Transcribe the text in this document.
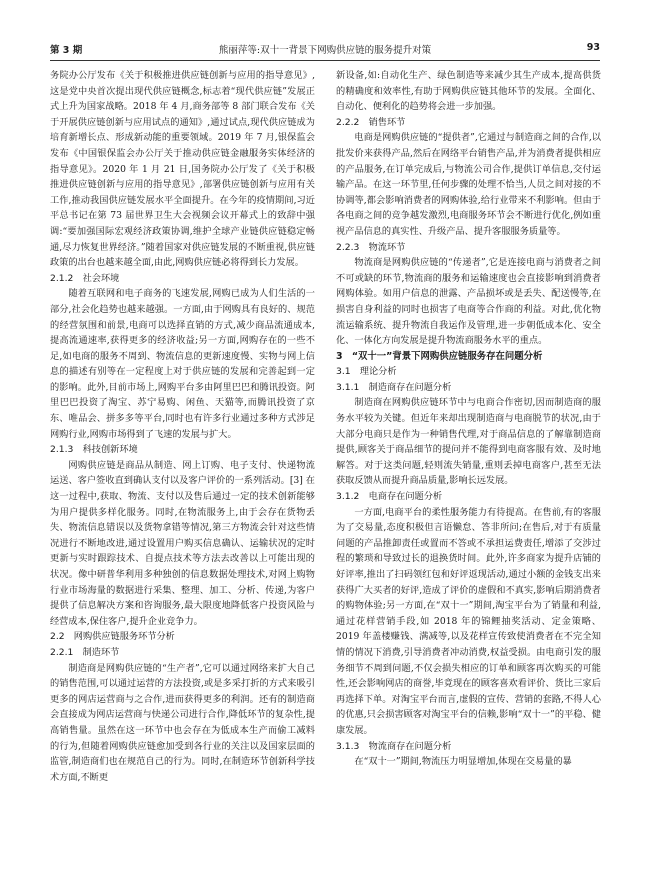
第 3 期	熊丽萍等:双十一背景下网购供应链的服务提升对策	93

务院办公厅发布《关于积极推进供应链创新与应用的指导意见》,这是党中央首次提出现代供应链概念,标志着“现代供应链”发展正式上升为国家战略。2018 年 4 月,商务部等 8 部门联合发布《关于开展供应链创新与应用试点的通知》,通过试点,现代供应链成为培育新增长点、形成新动能的重要领域。2019 年 7 月,银保监会发布《中国银保监会办公厅关于推动供应链金融服务实体经济的指导意见》。2020 年 1 月 21 日,国务院办公厅发了《关于积极推进供应链创新与应用的指导意见》,部署供应链创新与应用有关工作,推动我国供应链发展水平全面提升。在今年的疫情期间,习近平总书记在第 73 届世界卫生大会视频会议开幕式上的致辞中强调:“要加强国际宏观经济政策协调,维护全球产业链供应链稳定畅通,尽力恢复世界经济。”随着国家对供应链发展的不断重视,供应链政策的出台也越来越全面,由此,网购供应链必将得到长力发展。

2.1.2　社会环境

随着互联网和电子商务的飞速发展,网购已成为人们生活的一部分,社会化趋势也越来越强。一方面,由于网购具有良好的、规范的经营氛围和前景,电商可以选择直销的方式,减少商品流通成本,提高流通速率,获得更多的经济收益;另一方面,网购存在的一些不足,如电商的服务不周到、物流信息的更新速度慢、实物与网上信息的描述有别等在一定程度上对于供应链的发展和完善起到一定的影响。此外,目前市场上,网购平台多由阿里巴巴和腾讯投资。阿里巴巴投资了淘宝、苏宁易购、闲鱼、天猫等,而腾讯投资了京东、唯品会、拼多多等平台,同时也有许多行业通过多种方式涉足网购行业,网购市场得到了飞速的发展与扩大。

2.1.3　科技创新环境

网购供应链是商品从制造、网上订购、电子支付、快递物流运送、客户签收直到确认支付以及客户评价的一系列活动。[3] 在这一过程中,获取、物流、支付以及售后通过一定的技术创新能够为用户提供多样化服务。同时,在物流服务上,由于会存在货物丢失、物流信息错误以及货物拿错等情况,第三方物流会针对这些情况进行不断地改进,通过设置用户购买信息确认、运输状况的定时更新与实时跟踪技术、自提点技术等方法去改善以上可能出现的状况。像中研普华利用多种独创的信息数据处理技术,对网上购物行业市场海量的数据进行采集、整理、加工、分析、传递,为客户提供了信息解决方案和咨询服务,最大限度地降低客户投资风险与经营成本,保住客户,提升企业竞争力。

2.2　网购供应链服务环节分析
2.2.1　制造环节

制造商是网购供应链的“生产者”,它可以通过网络来扩大自己的销售范围,可以通过运营的方法投资,或是多采打折的方式来吸引更多的网店运营商与之合作,进而获得更多的利润。还有的制造商会直接成为网店运营商与快递公司进行合作,降低环节的复杂性,提高销售量。虽然在这一环节中也会存在为低成本生产而偷工减料的行为,但随着网购供应链愈加受到各行业的关注以及国家层面的监管,制造商们也在规范自己的行为。同时,在制造环节创新科学技术方面,不断更

新设备,如:自动化生产、绿色制造等来减少其生产成本,提高供货的精确度和效率性,有助于网购供应链其他环节的发展。全面化、自动化、便利化的趋势将会进一步加强。

2.2.2　销售环节

电商是网购供应链的“提供者”,它通过与制造商之间的合作,以批发价来获得产品,然后在网络平台销售产品,并为消费者提供相应的产品服务,在订单完成后,与物流公司合作,提供订单信息,交付运输产品。在这一环节里,任何步骤的处理不恰当,人员之间对接的不协调等,都会影响消费者的网购体验,给行业带来不利影响。但由于各电商之间的竞争越发激烈,电商服务环节会不断进行优化,例如重视产品信息的真实性、升级产品、提升客服服务质量等。

2.2.3　物流环节

物流商是网购供应链的“传递者”,它是连接电商与消费者之间不可或缺的环节,物流商的服务和运输速度也会直接影响到消费者网购体验。如用户信息的泄露、产品损坏或是丢失、配送慢等,在损害自身利益的同时也损害了电商等合作商的利益。对此,优化物流运输系统、提升物流自我运作及管理,进一步朝低成本化、安全化、一体化方向发展是提升物流商服务水平的重点。

3　“双十一”背景下网购供应链服务存在问题分析
3.1　理论分析
3.1.1　制造商存在问题分析

制造商在网购供应链环节中与电商合作密切,因而制造商的服务水平较为关键。但近年来却出现制造商与电商脱节的状况,由于大部分电商只是作为一种销售代理,对于商品信息的了解靠制造商提供,顾客关于商品细节的提问并不能得到电商客服有效、及时地解答。对于这类问题,轻则流失销量,重则丢掉电商客户,甚至无法获取反馈从而提升商品质量,影响长远发展。

3.1.2　电商存在问题分析

一方面,电商平台的柔性服务能力有待提高。在售前,有的客服为了交易量,态度积极但言语懒怠、答非所问;在售后,对于有质量问题的产品推卸责任或置而不答或不承担运费责任,增添了交涉过程的繁琐和导致过长的退换货时间。此外,许多商家为提升店铺的好评率,推出了扫码领红包和好评返现活动,通过小额的金钱支出来获得广大买者的好评,造成了评价的虚假和不真实,影响后期消费者的购物体验;另一方面,在“双十一”期间,淘宝平台为了销量和利益,通过花样营销手段,如 2018 年的锦鲤抽奖活动、定金策略、2019 年盖楼赚钱、满减等,以及花样宣传致使消费者在不完全知情的情况下消费,引导消费者冲动消费,权益受损。由电商引发的服务细节不周到问题,不仅会损失相应的订单和顾客再次购买的可能性,还会影响网店的商誉,毕竟现在的顾客喜欢看评价、货比三家后再选择下单。对淘宝平台而言,虚假的宣传、营销的套路,不得人心的优惠,只会损害顾客对淘宝平台的信赖,影响“双十一”的平稳、健康发展。

3.1.3　物流商存在问题分析

在“双十一”期间,物流压力明显增加,体现在交易量的暴
